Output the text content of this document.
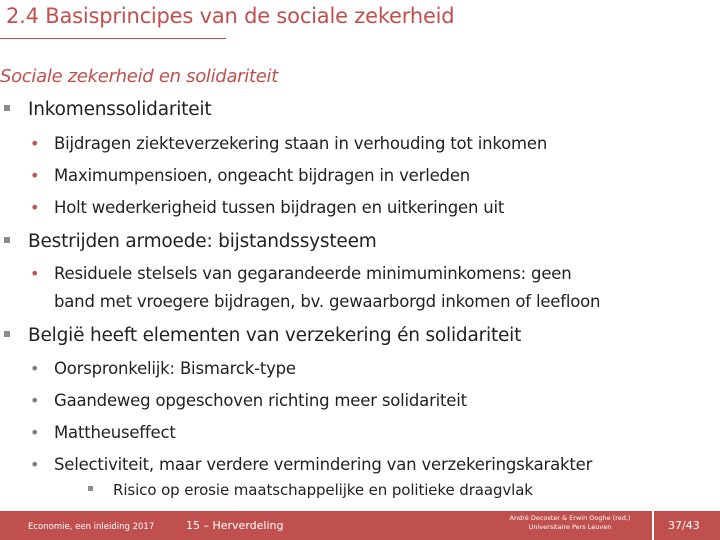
2.4 Basisprincipes van de sociale zekerheid
Sociale zekerheid en solidariteit
Inkomenssolidariteit
• Bijdragen ziekteverzekering staan in verhouding tot inkomen
• Maximumpensioen, ongeacht bijdragen in verleden
• Holt wederkerigheid tussen bijdragen en uitkeringen uit
Bestrijden armoede: bijstandssysteem
• Residuele stelsels van gegarandeerde minimuminkomens: geen
band met vroegere bijdragen, bv. gewaarborgd inkomen of leefloon
België heeft elementen van verzekering én solidariteit
• Oorspronkelijk: Bismarck-type
• Gaandeweg opgeschoven richting meer solidariteit
• Mattheuseffect
• Selectiviteit, maar verdere vermindering van verzekeringskarakter
Risico op erosie maatschappelijke en politieke draagvlak
Economie, een inleiding 2017	15 – Herverdeling
André Decoster & Erwin Ooghe (red.)
Universitaire Pers Leuven	37/43
